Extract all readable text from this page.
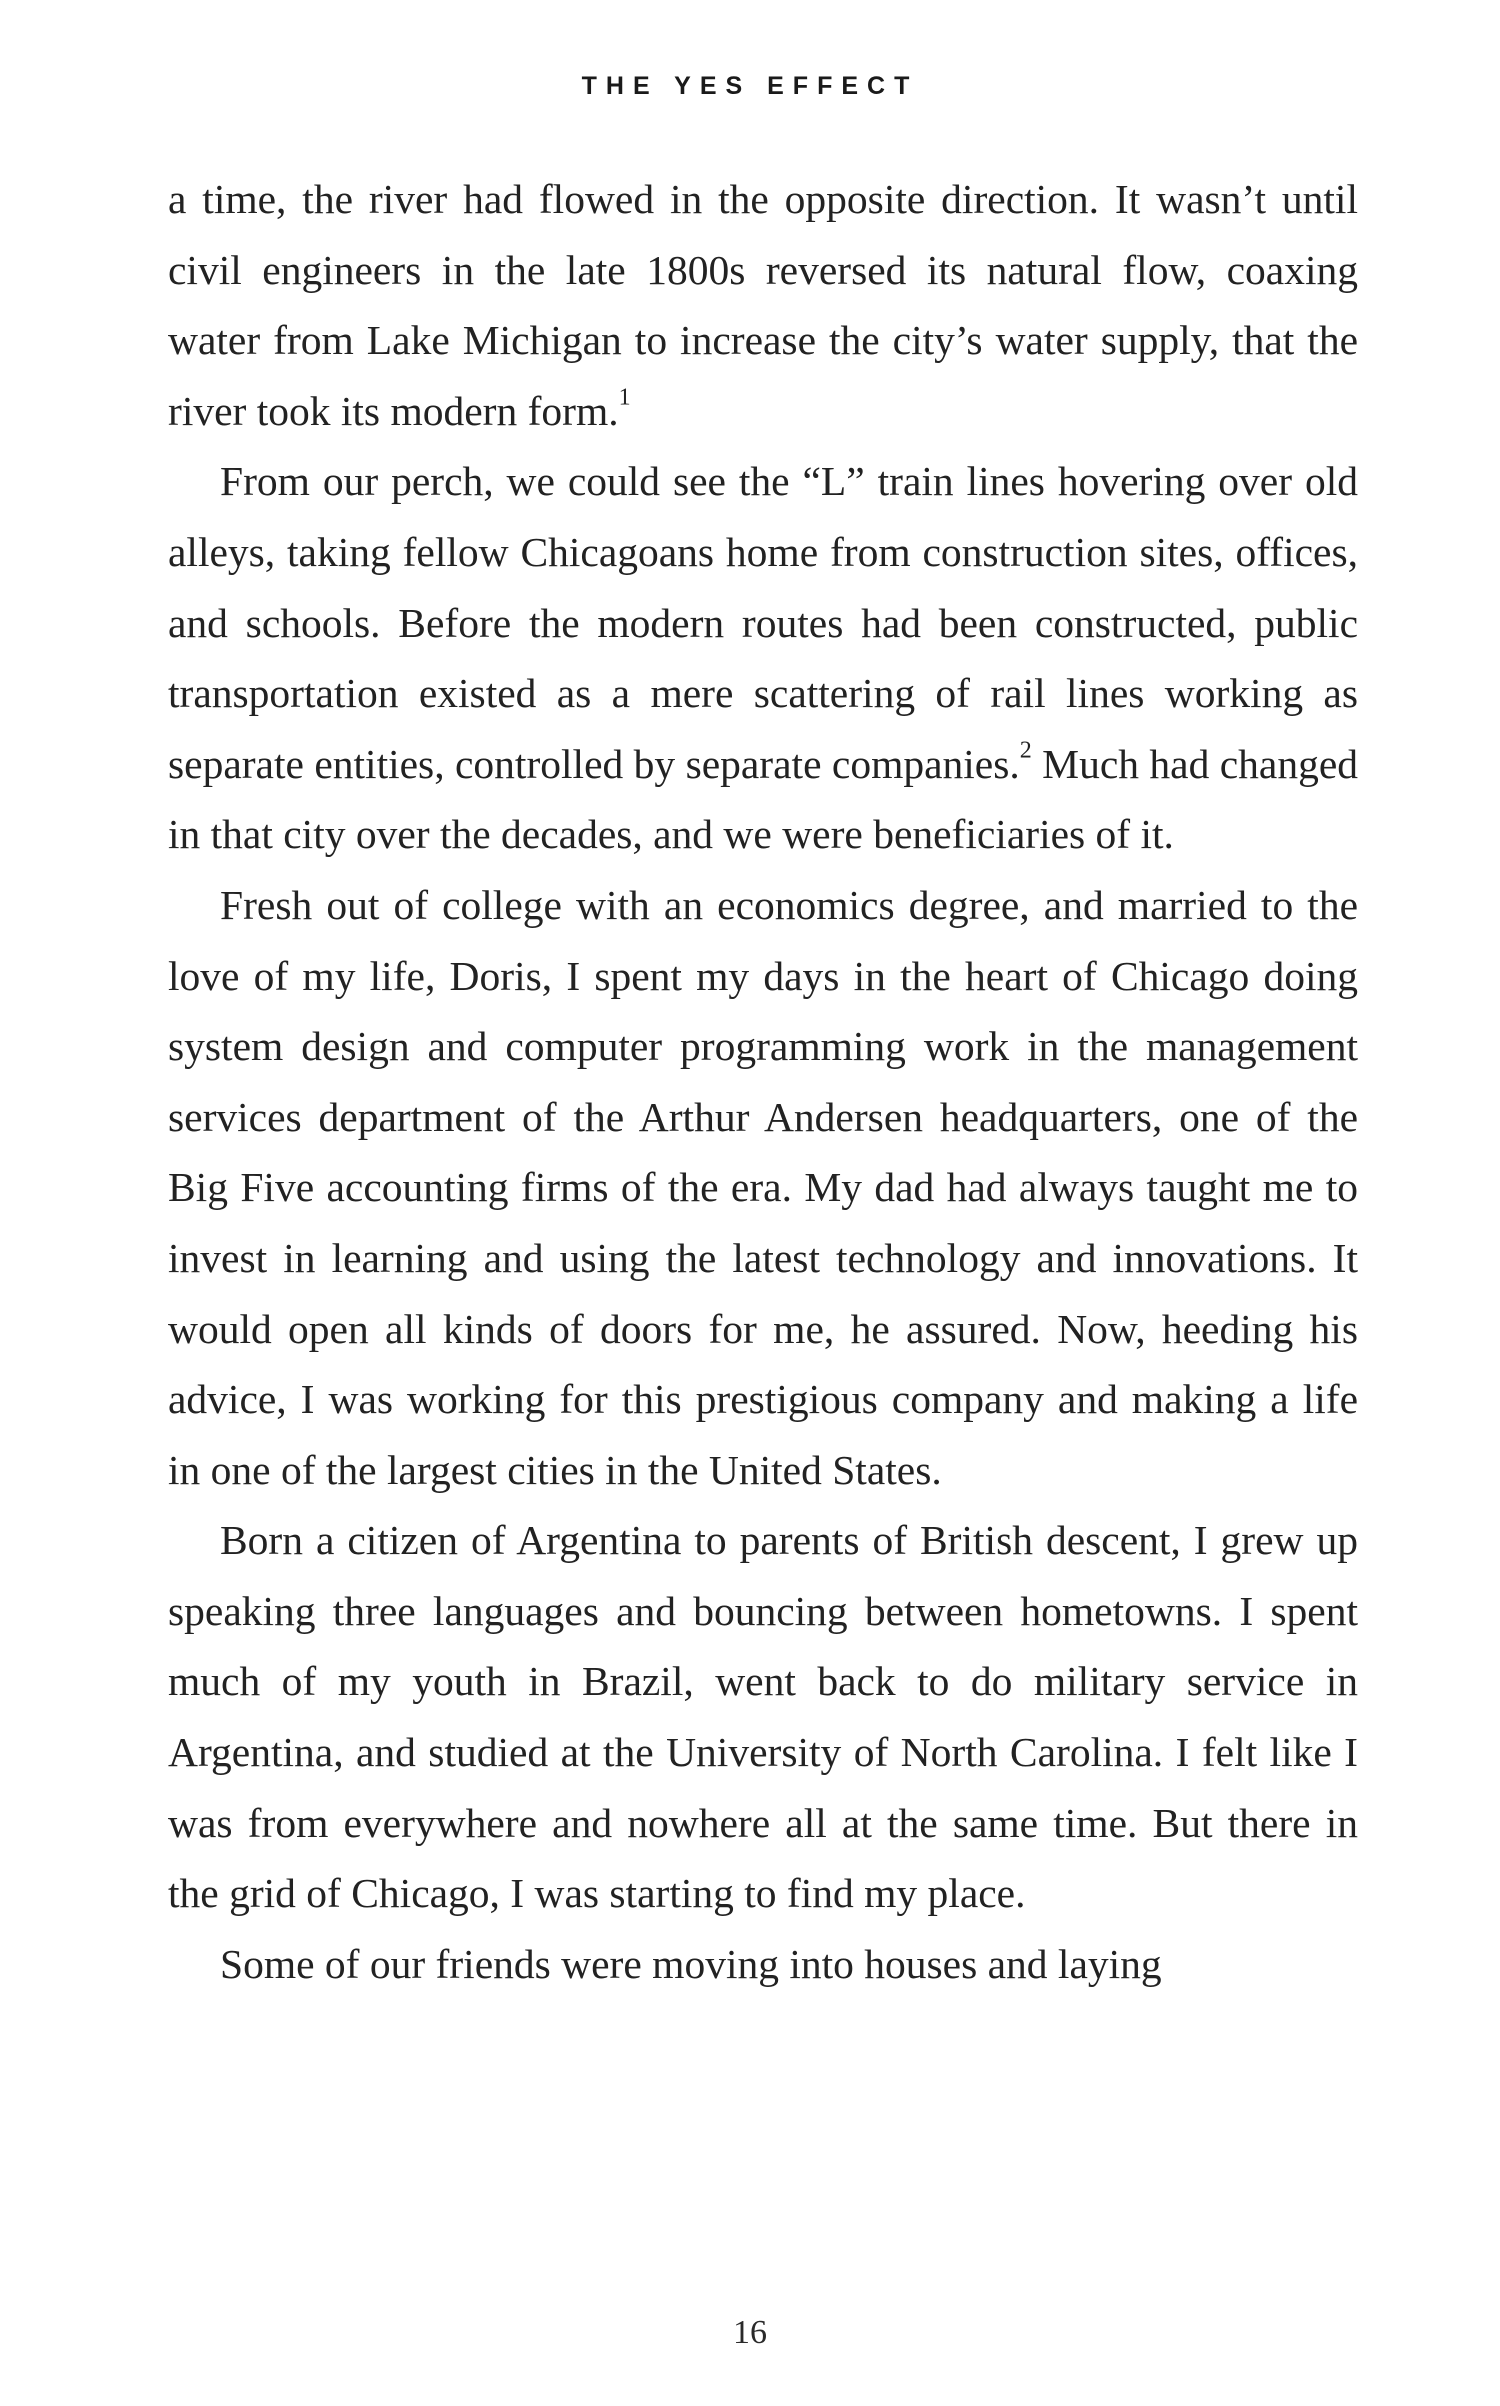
THE YES EFFECT

a time, the river had flowed in the opposite direction. It wasn’t until civil engineers in the late 1800s reversed its natural flow, coaxing water from Lake Michigan to increase the city’s water supply, that the river took its modern form.$^1$

From our perch, we could see the “L” train lines hovering over old alleys, taking fellow Chicagoans home from construction sites, offices, and schools. Before the modern routes had been constructed, public transportation existed as a mere scattering of rail lines working as separate entities, controlled by separate companies.$^2$ Much had changed in that city over the decades, and we were beneficiaries of it.

Fresh out of college with an economics degree, and married to the love of my life, Doris, I spent my days in the heart of Chicago doing system design and computer programming work in the management services department of the Arthur Andersen headquarters, one of the Big Five accounting firms of the era. My dad had always taught me to invest in learning and using the latest technology and innovations. It would open all kinds of doors for me, he assured. Now, heeding his advice, I was working for this prestigious company and making a life in one of the largest cities in the United States.

Born a citizen of Argentina to parents of British descent, I grew up speaking three languages and bouncing between hometowns. I spent much of my youth in Brazil, went back to do military service in Argentina, and studied at the University of North Carolina. I felt like I was from everywhere and nowhere all at the same time. But there in the grid of Chicago, I was starting to find my place.

Some of our friends were moving into houses and laying

16
